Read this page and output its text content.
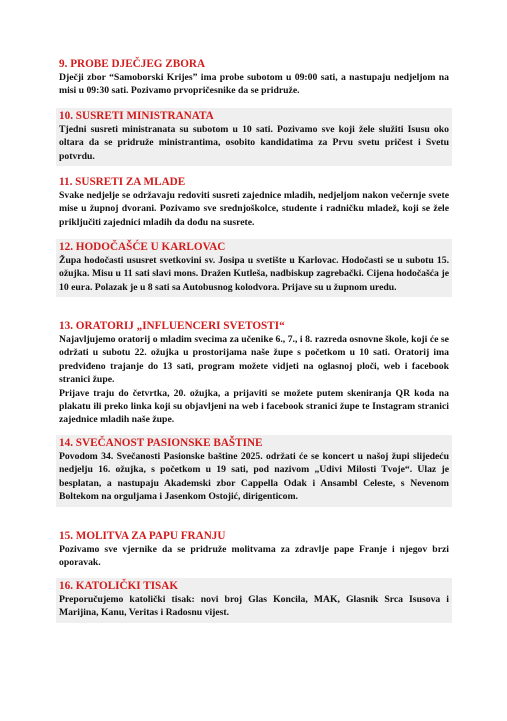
9. PROBE DJEČJEG ZBORA

Dječji zbor “Samoborski Krijes” ima probe subotom u 09:00 sati, a nastupaju nedjeljom na misi u 09:30 sati. Pozivamo prvopričesnike da se pridruže.

10. SUSRETI MINISTRANATA

Tjedni susreti ministranata su subotom u 10 sati. Pozivamo sve koji žele služiti Isusu oko oltara da se pridruže ministrantima, osobito kandidatima za Prvu svetu pričest i Svetu potvrdu.

11. SUSRETI ZA MLADE

Svake nedjelje se održavaju redoviti susreti zajednice mladih, nedjeljom nakon večernje svete mise u župnoj dvorani. Pozivamo sve srednjoškolce, studente i radničku mladež, koji se žele priključiti zajednici mladih da dođu na susrete.

12. HODOČAŠĆE U KARLOVAC

Župa hodočasti ususret svetkovini sv. Josipa u svetište u Karlovac. Hodočasti se u subotu 15. ožujka. Misu u 11 sati slavi mons. Dražen Kutleša, nadbiskup zagrebački. Cijena hodočašća je 10 eura. Polazak je u 8 sati sa Autobusnog kolodvora. Prijave su u župnom uredu.

13. ORATORIJ „INFLUENCERI SVETOSTI“

Najavljujemo oratorij o mladim svecima za učenike 6., 7., i 8. razreda osnovne škole, koji će se održati u subotu 22. ožujka u prostorijama naše župe s početkom u 10 sati. Oratorij ima predviđeno trajanje do 13 sati, program možete vidjeti na oglasnoj ploči, web i facebook stranici župe.

Prijave traju do četvrtka, 20. ožujka, a prijaviti se možete putem skeniranja QR koda na plakatu ili preko linka koji su objavljeni na web i facebook stranici župe te Instagram stranici zajednice mladih naše župe.

14. SVEČANOST PASIONSKE BAŠTINE

Povodom 34. Svečanosti Pasionske baštine 2025. održati će se koncert u našoj župi slijedeću nedjelju 16. ožujka, s početkom u 19 sati, pod nazivom „Udivi Milosti Tvoje“. Ulaz je besplatan, a nastupaju Akademski zbor Cappella Odak i Ansambl Celeste, s Nevenom Boltekom na orguljama i Jasenkom Ostojić, dirigenticom.

15. MOLITVA ZA PAPU FRANJU

Pozivamo sve vjernike da se pridruže molitvama za zdravlje pape Franje i njegov brzi oporavak.

16. KATOLIČKI TISAK

Preporučujemo katolički tisak: novi broj Glas Koncila, MAK, Glasnik Srca Isusova i Marijina, Kanu, Veritas i Radosnu vijest.
